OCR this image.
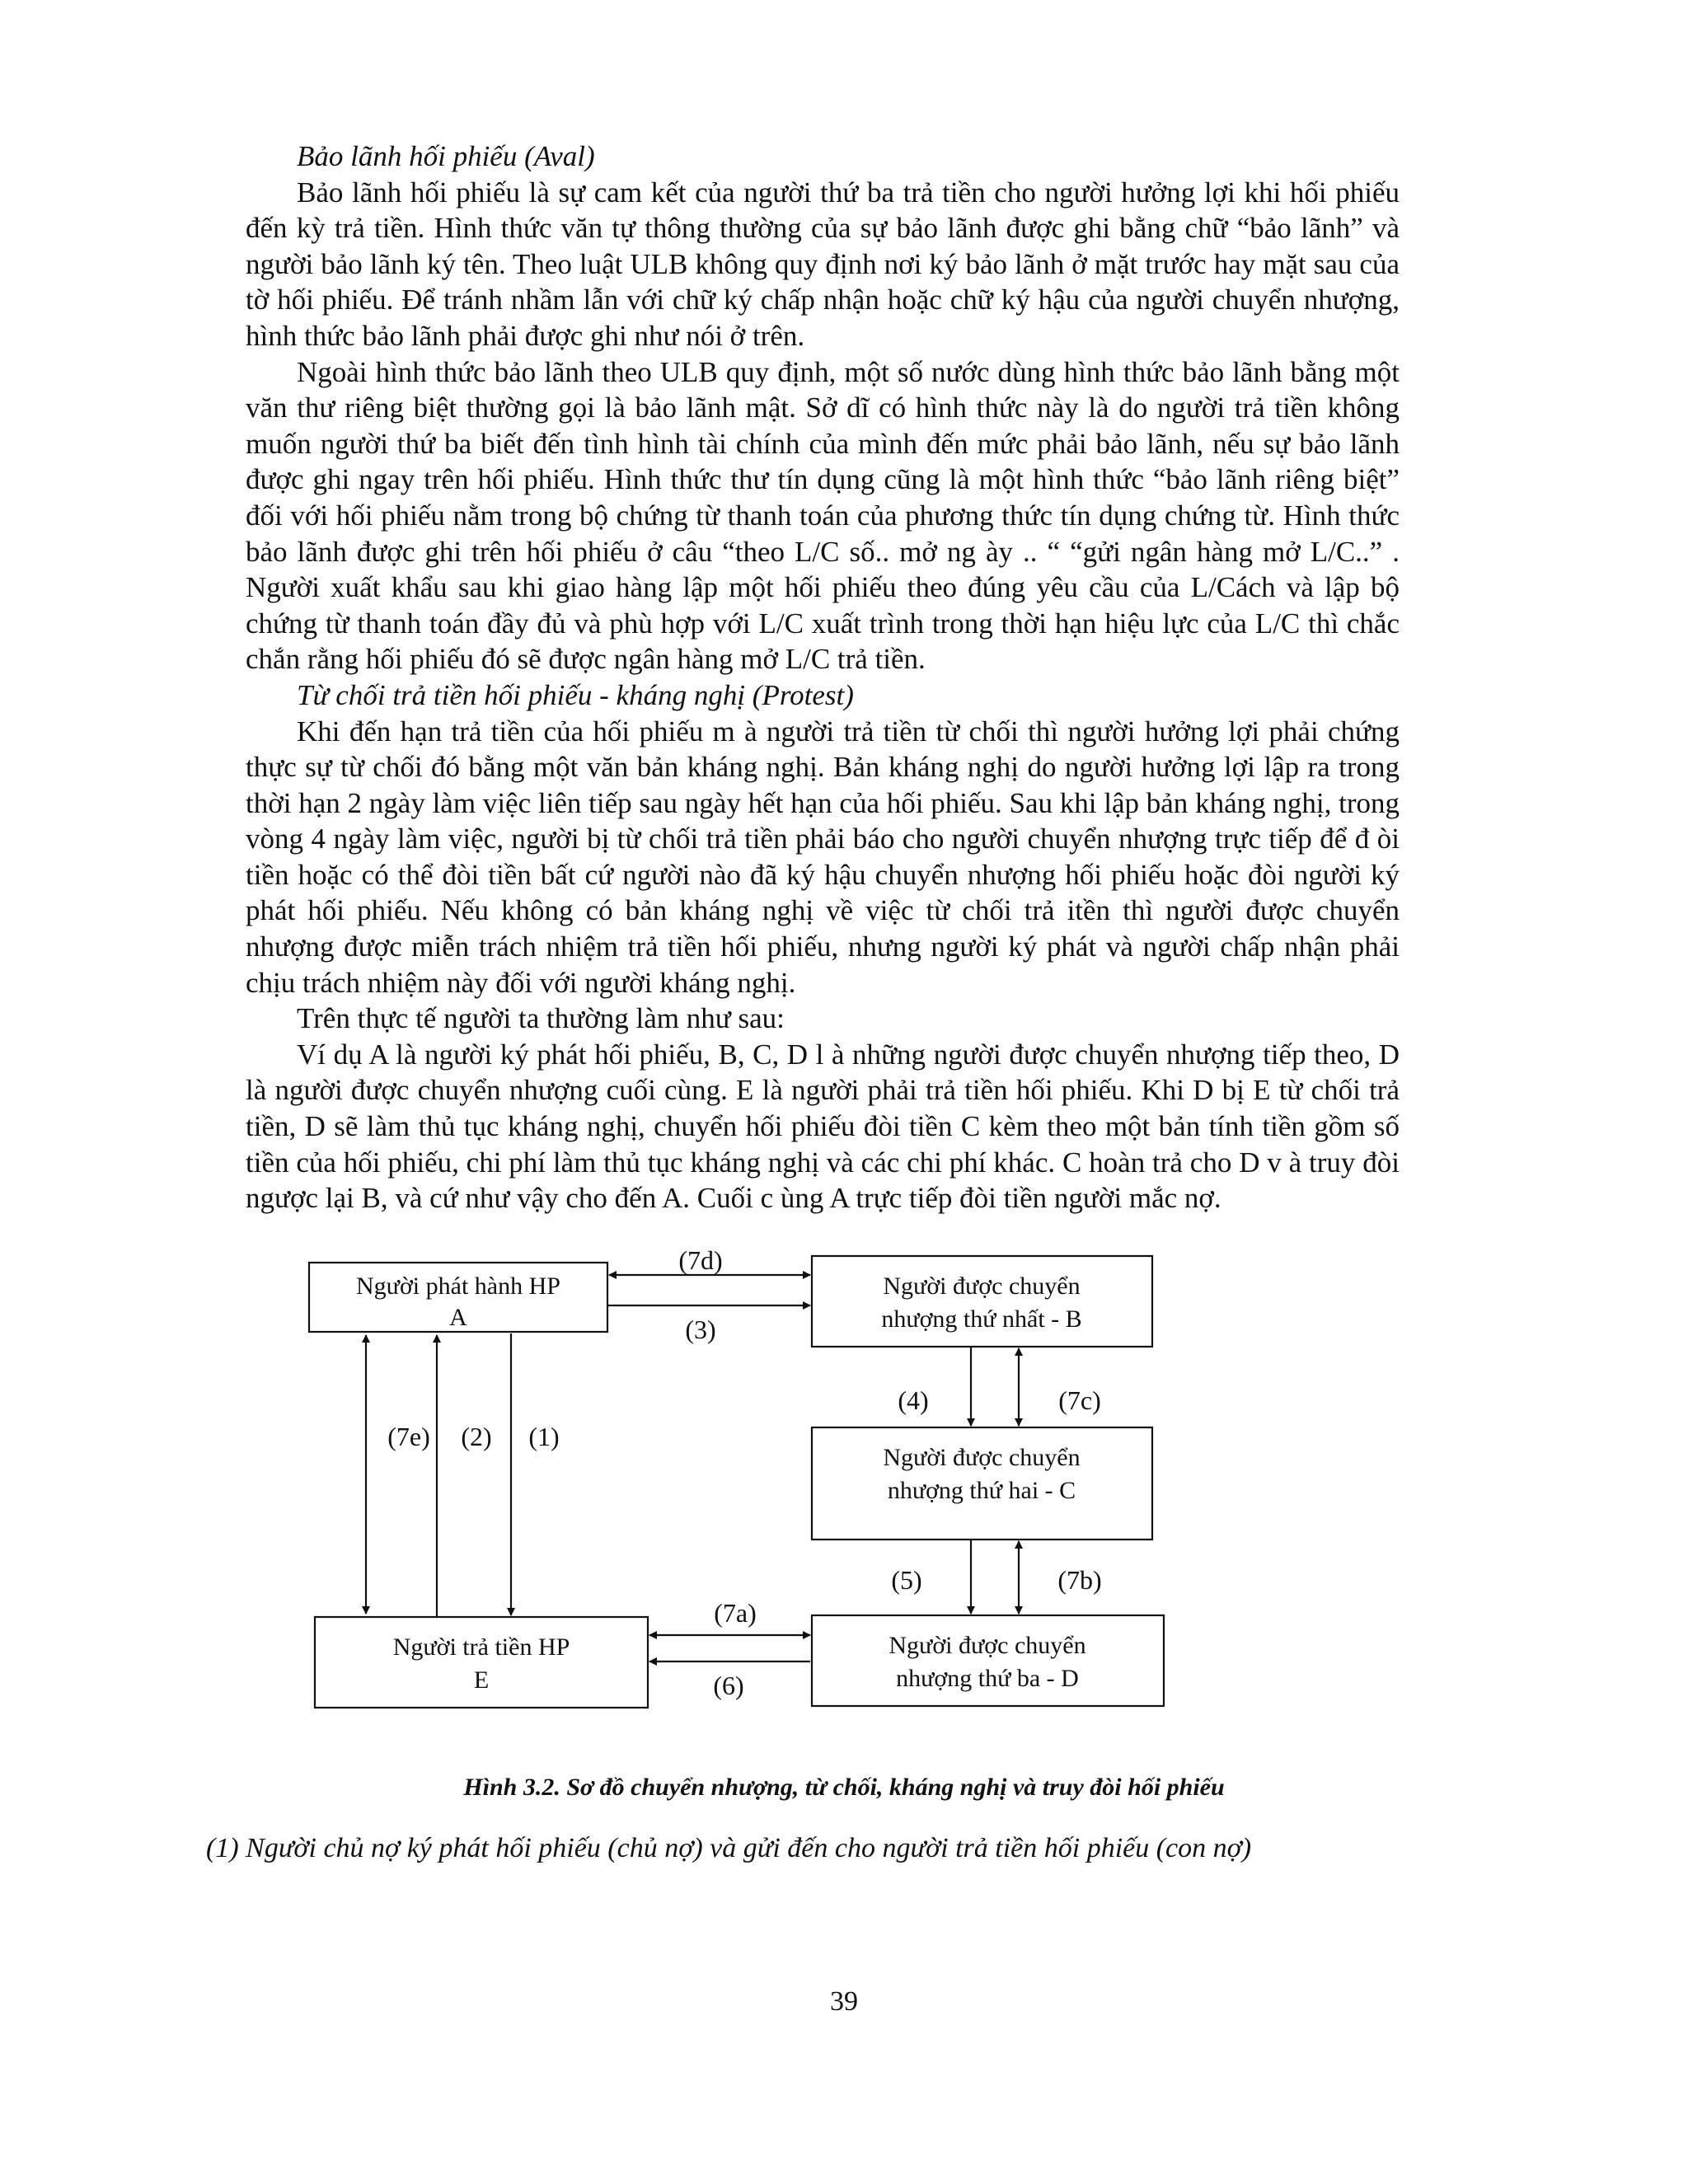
Bảo lãnh hối phiếu (Aval)

Bảo lãnh hối phiếu là sự cam kết của người thứ ba trả tiền cho người hưởng lợi khi hối phiếu đến kỳ trả tiền. Hình thức văn tự thông thường của sự bảo lãnh được ghi bằng chữ “bảo lãnh” và người bảo lãnh ký tên. Theo luật ULB không quy định nơi ký bảo lãnh ở mặt trước hay mặt sau của tờ hối phiếu. Để tránh nhầm lẫn với chữ ký chấp nhận hoặc chữ ký hậu của người chuyển nhượng, hình thức bảo lãnh phải được ghi như nói ở trên.

Ngoài hình thức bảo lãnh theo ULB quy định, một số nước dùng hình thức bảo lãnh bằng một văn thư riêng biệt thường gọi là bảo lãnh mật. Sở dĩ có hình thức này là do người trả tiền không muốn người thứ ba biết đến tình hình tài chính của mình đến mức phải bảo lãnh, nếu sự bảo lãnh được ghi ngay trên hối phiếu. Hình thức thư tín dụng cũng là một hình thức “bảo lãnh riêng biệt” đối với hối phiếu nằm trong bộ chứng từ thanh toán của phương thức tín dụng chứng từ. Hình thức bảo lãnh được ghi trên hối phiếu ở câu “theo L/C số.. mở ng ày .. “ “gửi ngân hàng mở L/C..” . Người xuất khẩu sau khi giao hàng lập một hối phiếu theo đúng yêu cầu của L/Cách và lập bộ chứng từ thanh toán đầy đủ và phù hợp với L/C xuất trình trong thời hạn hiệu lực của L/C thì chắc chắn rằng hối phiếu đó sẽ được ngân hàng mở L/C trả tiền.

Từ chối trả tiền hối phiếu - kháng nghị (Protest)

Khi đến hạn trả tiền của hối phiếu m à người trả tiền từ chối thì người hưởng lợi phải chứng thực sự từ chối đó bằng một văn bản kháng nghị. Bản kháng nghị do người hưởng lợi lập ra trong thời hạn 2 ngày làm việc liên tiếp sau ngày hết hạn của hối phiếu. Sau khi lập bản kháng nghị, trong vòng 4 ngày làm việc, người bị từ chối trả tiền phải báo cho người chuyển nhượng trực tiếp để đ òi tiền hoặc có thể đòi tiền bất cứ người nào đã ký hậu chuyển nhượng hối phiếu hoặc đòi người ký phát hối phiếu. Nếu không có bản kháng nghị về việc từ chối trả itền thì người được chuyển nhượng được miễn trách nhiệm trả tiền hối phiếu, nhưng người ký phát và người chấp nhận phải chịu trách nhiệm này đối với người kháng nghị.

Trên thực tế người ta thường làm như sau:

Ví dụ A là người ký phát hối phiếu, B, C, D l à những người được chuyển nhượng tiếp theo, D là người được chuyển nhượng cuối cùng. E là người phải trả tiền hối phiếu. Khi D bị E từ chối trả tiền, D sẽ làm thủ tục kháng nghị, chuyển hối phiếu đòi tiền C kèm theo một bản tính tiền gồm số tiền của hối phiếu, chi phí làm thủ tục kháng nghị và các chi phí khác. C hoàn trả cho D v à truy đòi ngược lại B, và cứ như vậy cho đến A. Cuối c ùng A trực tiếp đòi tiền người mắc nợ.

Người phát hành HP
A
Người được chuyển
nhượng thứ nhất - B
Người được chuyển
nhượng thứ hai - C
Người được chuyển
nhượng thứ ba - D
Người trả tiền HP
E
(7d)
(3)
(4)	(7c)
(5)	(7b)
(7e) (2) (1)
(7a)
(6)
Hình 3.2. Sơ đồ chuyển nhượng, từ chối, kháng nghị và truy đòi hối phiếu
(1) Người chủ nợ ký phát hối phiếu (chủ nợ) và gửi đến cho người trả tiền hối phiếu (con nợ)
39
